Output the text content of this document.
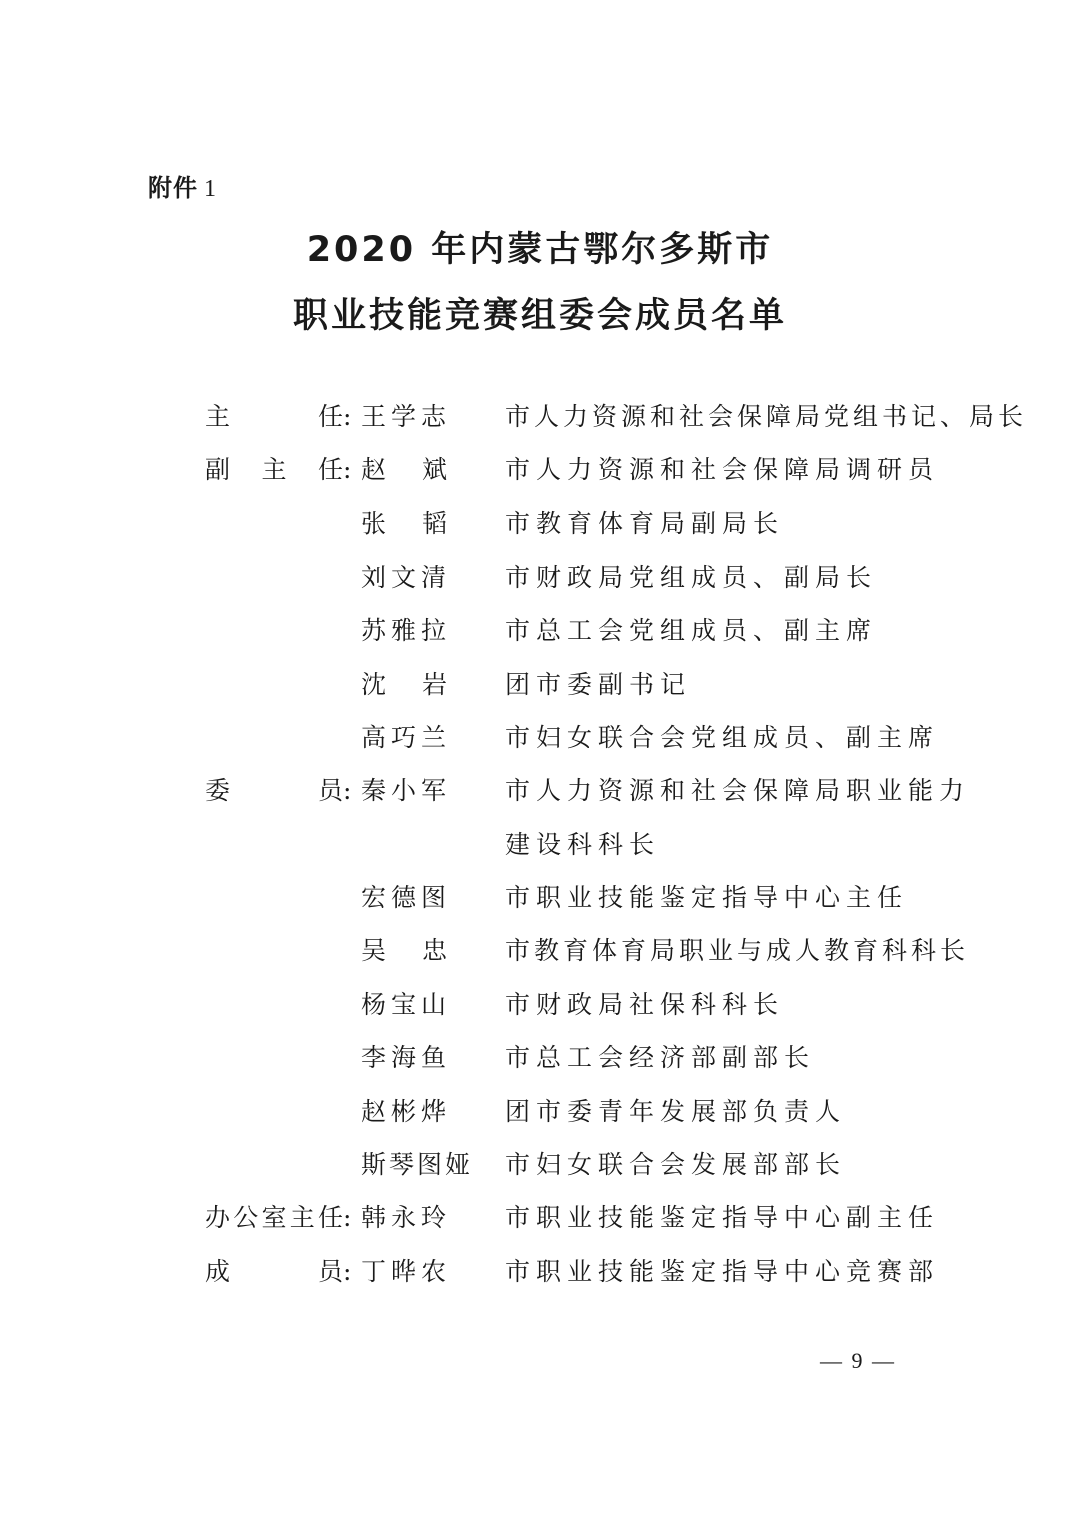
附件 1
2020 年内蒙古鄂尔多斯市
职业技能竞赛组委会成员名单
主	任 : 王学志 市人力资源和社会保障局党组书记、局长
副 主 任 : 赵斌 市人力资源和社会保障局调研员
张韬 市教育体育局副局长
刘文清 市财政局党组成员、副局长
苏雅拉 市总工会党组成员、副主席
沈岩 团市委副书记
高巧兰 市妇女联合会党组成员、副主席
委	员 : 秦小军 市人力资源和社会保障局职业能力
建设科科长
宏德图 市职业技能鉴定指导中心主任
吴忠 市教育体育局职业与成人教育科科长
杨宝山 市财政局社保科科长
李海鱼 市总工会经济部副部长
赵彬烨 团市委青年发展部负责人
斯琴图娅 市妇女联合会发展部部长
办 公 室 主 任 : 韩永玲 市职业技能鉴定指导中心副主任
成	员 : 丁晔农 市职业技能鉴定指导中心竞赛部
— 9 —
